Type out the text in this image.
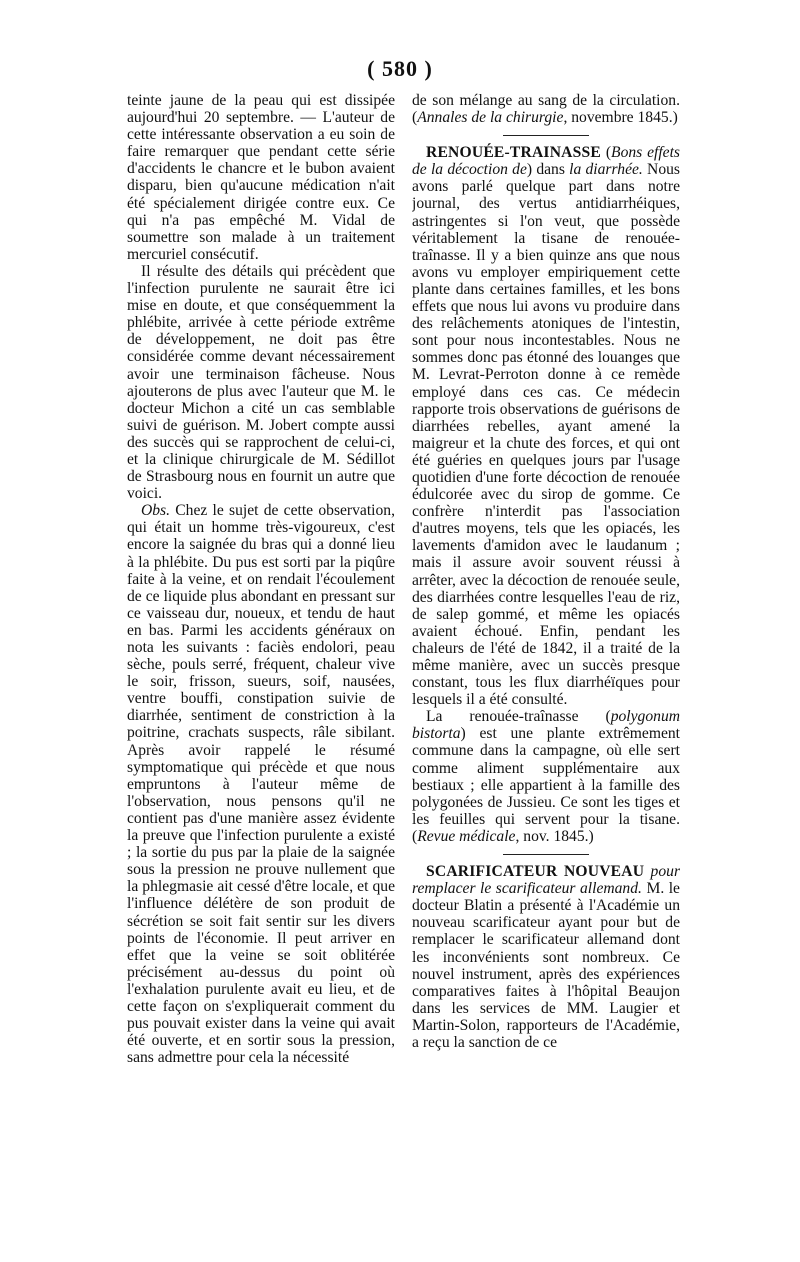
( 580 )

teinte jaune de la peau qui est dissipée aujourd'hui 20 septembre. — L'auteur de cette intéressante observation a eu soin de faire remarquer que pendant cette série d'accidents le chancre et le bubon avaient disparu, bien qu'aucune médication n'ait été spécialement dirigée contre eux. Ce qui n'a pas empêché M. Vidal de soumettre son malade à un traitement mercuriel consécutif.

Il résulte des détails qui précèdent que l'infection purulente ne saurait être ici mise en doute, et que conséquemment la phlébite, arrivée à cette période extrême de développement, ne doit pas être considérée comme devant nécessairement avoir une terminaison fâcheuse. Nous ajouterons de plus avec l'auteur que M. le docteur Michon a cité un cas semblable suivi de guérison. M. Jobert compte aussi des succès qui se rapprochent de celui-ci, et la clinique chirurgicale de M. Sédillot de Strasbourg nous en fournit un autre que voici.

Obs. Chez le sujet de cette observation, qui était un homme très-vigoureux, c'est encore la saignée du bras qui a donné lieu à la phlébite. Du pus est sorti par la piqûre faite à la veine, et on rendait l'écoulement de ce liquide plus abondant en pressant sur ce vaisseau dur, noueux, et tendu de haut en bas. Parmi les accidents généraux on nota les suivants : faciès endolori, peau sèche, pouls serré, fréquent, chaleur vive le soir, frisson, sueurs, soif, nausées, ventre bouffi, constipation suivie de diarrhée, sentiment de constriction à la poitrine, crachats suspects, râle sibilant. Après avoir rappelé le résumé symptomatique qui précède et que nous empruntons à l'auteur même de l'observation, nous pensons qu'il ne contient pas d'une manière assez évidente la preuve que l'infection purulente a existé ; la sortie du pus par la plaie de la saignée sous la pression ne prouve nullement que la phlegmasie ait cessé d'être locale, et que l'influence délétère de son produit de sécrétion se soit fait sentir sur les divers points de l'économie. Il peut arriver en effet que la veine se soit oblitérée précisément au-dessus du point où l'exhalation purulente avait eu lieu, et de cette façon on s'expliquerait comment du pus pouvait exister dans la veine qui avait été ouverte, et en sortir sous la pression, sans admettre pour cela la nécessité

de son mélange au sang de la circulation. (Annales de la chirurgie, novembre 1845.)

RENOUÉE-TRAINASSE (Bons effets de la décoction de) dans la diarrhée. Nous avons parlé quelque part dans notre journal, des vertus antidiarrhéiques, astringentes si l'on veut, que possède véritablement la tisane de renouée-traînasse. Il y a bien quinze ans que nous avons vu employer empiriquement cette plante dans certaines familles, et les bons effets que nous lui avons vu produire dans des relâchements atoniques de l'intestin, sont pour nous incontestables. Nous ne sommes donc pas étonné des louanges que M. Levrat-Perroton donne à ce remède employé dans ces cas. Ce médecin rapporte trois observations de guérisons de diarrhées rebelles, ayant amené la maigreur et la chute des forces, et qui ont été guéries en quelques jours par l'usage quotidien d'une forte décoction de renouée édulcorée avec du sirop de gomme. Ce confrère n'interdit pas l'association d'autres moyens, tels que les opiacés, les lavements d'amidon avec le laudanum ; mais il assure avoir souvent réussi à arrêter, avec la décoction de renouée seule, des diarrhées contre lesquelles l'eau de riz, de salep gommé, et même les opiacés avaient échoué. Enfin, pendant les chaleurs de l'été de 1842, il a traité de la même manière, avec un succès presque constant, tous les flux diarrhéïques pour lesquels il a été consulté.

La renouée-traînasse (polygonum bistorta) est une plante extrêmement commune dans la campagne, où elle sert comme aliment supplémentaire aux bestiaux ; elle appartient à la famille des polygonées de Jussieu. Ce sont les tiges et les feuilles qui servent pour la tisane. (Revue médicale, nov. 1845.)

SCARIFICATEUR NOUVEAU pour remplacer le scarificateur allemand. M. le docteur Blatin a présenté à l'Académie un nouveau scarificateur ayant pour but de remplacer le scarificateur allemand dont les inconvénients sont nombreux. Ce nouvel instrument, après des expériences comparatives faites à l'hôpital Beaujon dans les services de MM. Laugier et Martin-Solon, rapporteurs de l'Académie, a reçu la sanction de ce
